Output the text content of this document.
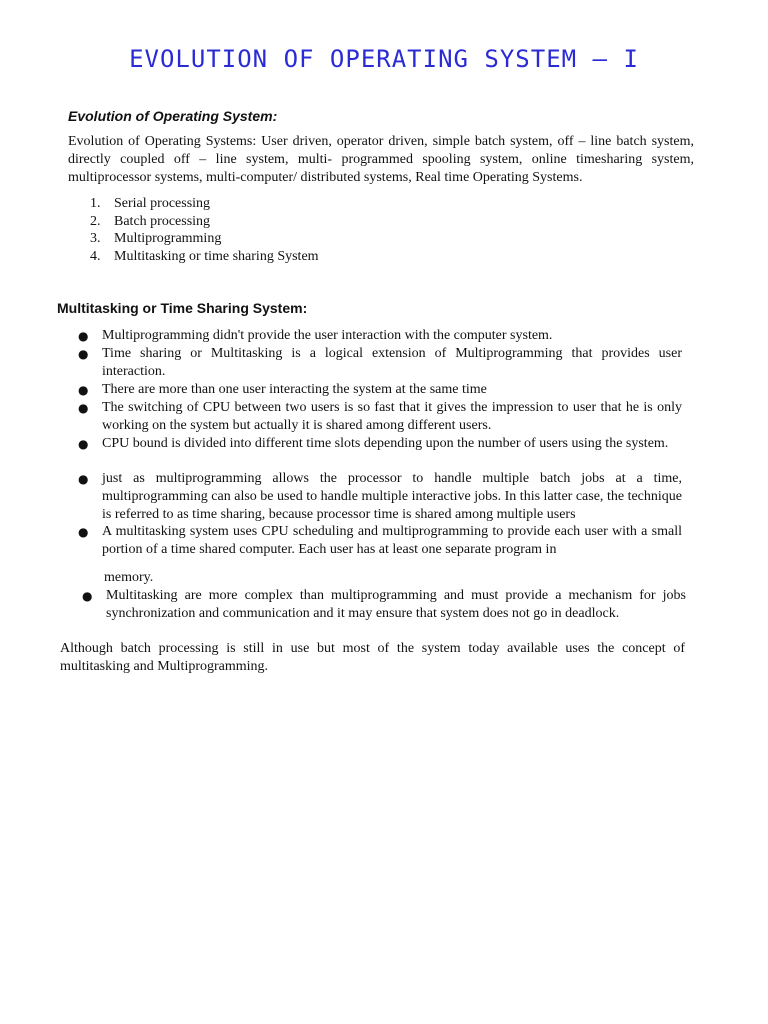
EVOLUTION OF OPERATING SYSTEM – I
Evolution of Operating System:

Evolution of Operating Systems: User driven, operator driven, simple batch system, off – line batch system, directly coupled off – line system, multi- programmed spooling system, online timesharing system, multiprocessor systems, multi-computer/ distributed systems, Real time Operating Systems.

1. Serial processing
2. Batch processing
3. Multiprogramming
4. Multitasking or time sharing System
Multitasking or Time Sharing System:
● Multiprogramming didn't provide the user interaction with the computer system.
● Time sharing or Multitasking is a logical extension of Multiprogramming that provides user interaction.
● There are more than one user interacting the system at the same time
● The switching of CPU between two users is so fast that it gives the impression to user that he is only working on the system but actually it is shared among different users.
● CPU bound is divided into different time slots depending upon the number of users using the system.
● just as multiprogramming allows the processor to handle multiple batch jobs at a time, multiprogramming can also be used to handle multiple interactive jobs. In this latter case, the technique is referred to as time sharing, because processor time is shared among multiple users
● A multitasking system uses CPU scheduling and multiprogramming to provide each user with a small portion of a time shared computer. Each user has at least one separate program in
memory.
● Multitasking are more complex than multiprogramming and must provide a mechanism for jobs synchronization and communication and it may ensure that system does not go in deadlock.

Although batch processing is still in use but most of the system today available uses the concept of multitasking and Multiprogramming.
